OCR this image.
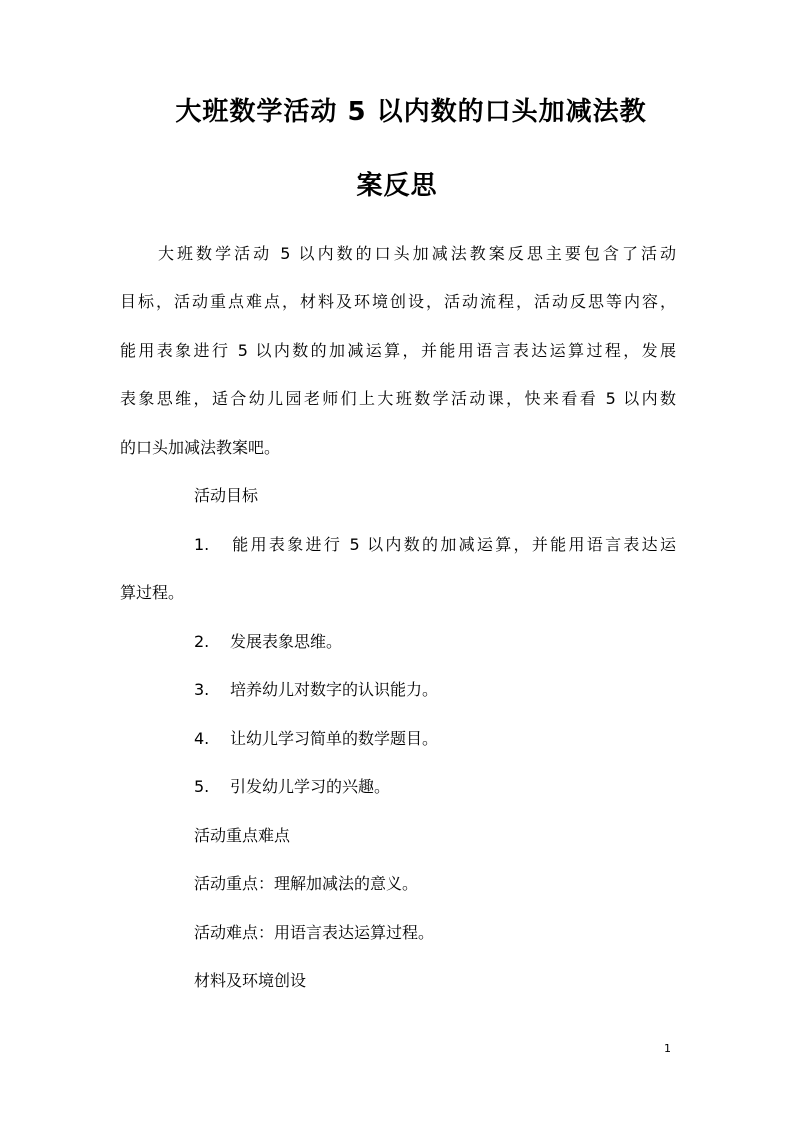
大班数学活动 5 以内数的口头加减法教
案反思
大班数学活动 5 以内数的口头加减法教案反思主要包含了活动
目标，活动重点难点，材料及环境创设，活动流程，活动反思等内容，
能用表象进行 5 以内数的加减运算，并能用语言表达运算过程，发展
表象思维，适合幼儿园老师们上大班数学活动课，快来看看 5 以内数
的口头加减法教案吧。
活动目标
1. 能用表象进行 5 以内数的加减运算，并能用语言表达运
算过程。
2. 发展表象思维。
3. 培养幼儿对数字的认识能力。
4. 让幼儿学习简单的数学题目。
5. 引发幼儿学习的兴趣。
活动重点难点
活动重点：理解加减法的意义。
活动难点：用语言表达运算过程。
材料及环境创设
1
